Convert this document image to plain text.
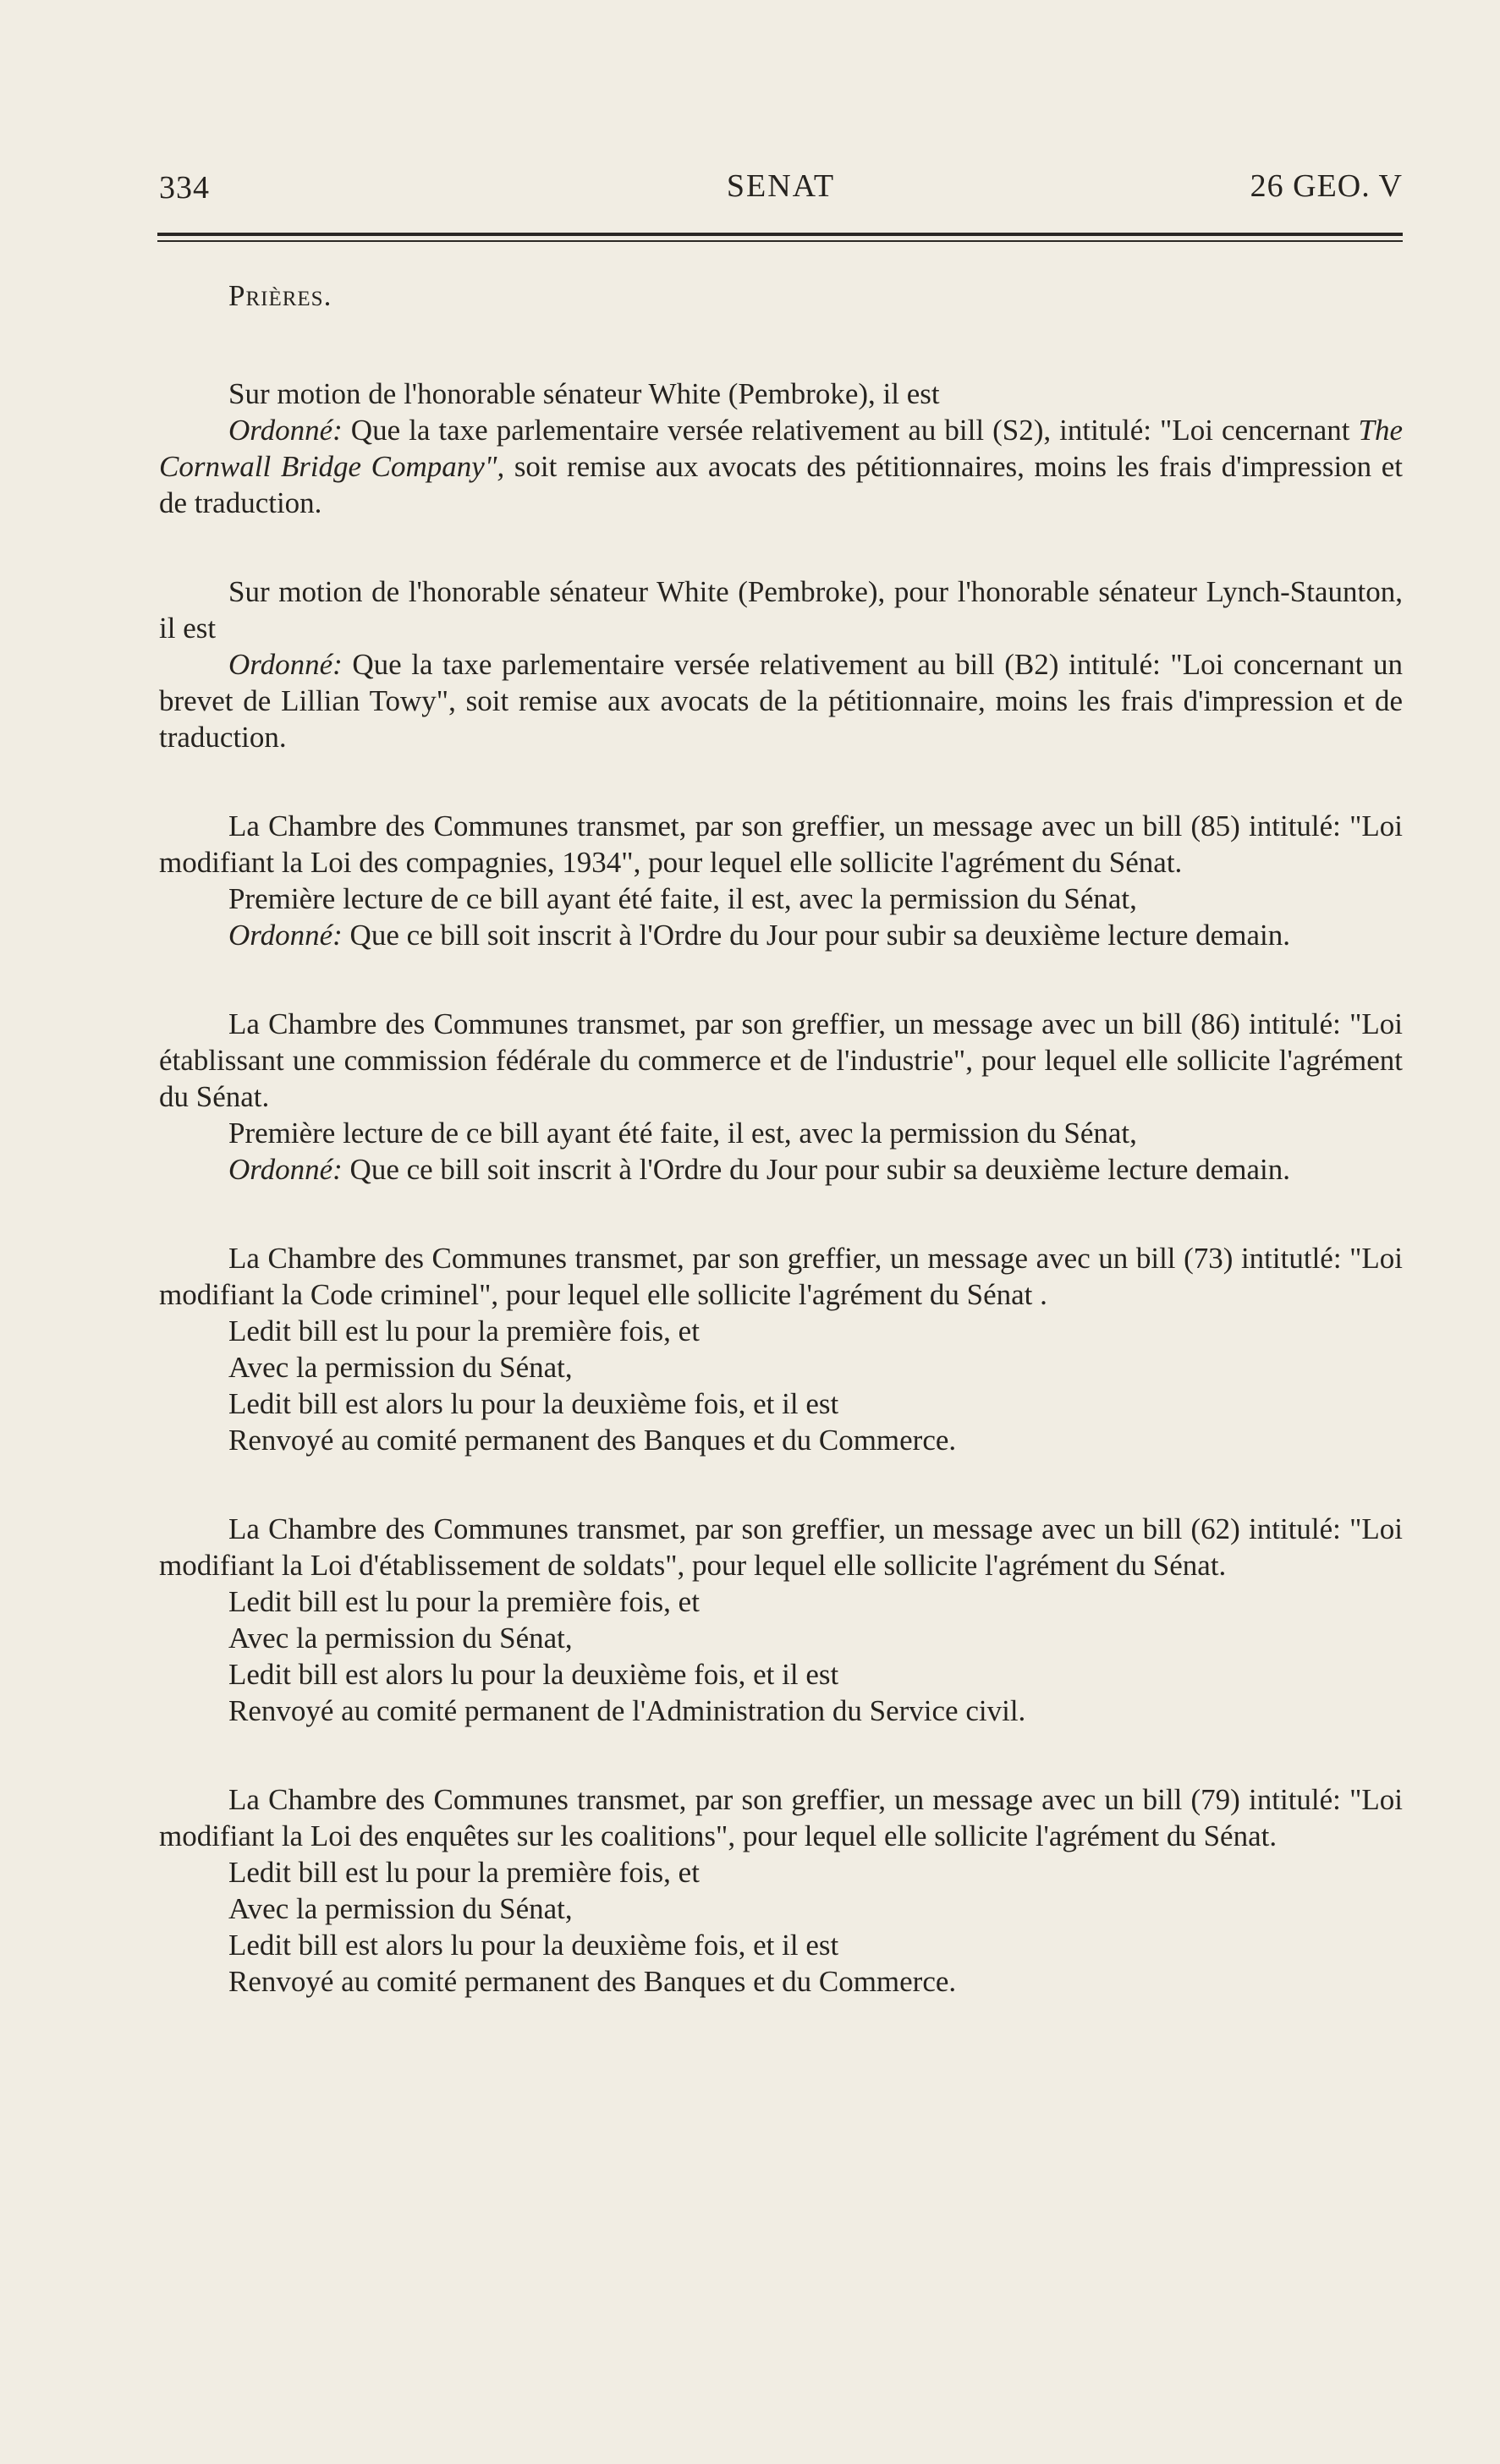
334	SENAT	26 GEO. V
Prières.

Sur motion de l'honorable sénateur White (Pembroke), il est

Ordonné: Que la taxe parlementaire versée relativement au bill (S2), intitulé: "Loi cencernant The Cornwall Bridge Company", soit remise aux avocats des pétitionnaires, moins les frais d'impression et de traduction.

Sur motion de l'honorable sénateur White (Pembroke), pour l'honorable sénateur Lynch-Staunton, il est

Ordonné: Que la taxe parlementaire versée relativement au bill (B2) intitulé: "Loi concernant un brevet de Lillian Towy", soit remise aux avocats de la pétitionnaire, moins les frais d'impression et de traduction.

La Chambre des Communes transmet, par son greffier, un message avec un bill (85) intitulé: "Loi modifiant la Loi des compagnies, 1934", pour lequel elle sollicite l'agrément du Sénat.

Première lecture de ce bill ayant été faite, il est, avec la permission du Sénat,

Ordonné: Que ce bill soit inscrit à l'Ordre du Jour pour subir sa deuxième lecture demain.

La Chambre des Communes transmet, par son greffier, un message avec un bill (86) intitulé: "Loi établissant une commission fédérale du commerce et de l'industrie", pour lequel elle sollicite l'agrément du Sénat.

Première lecture de ce bill ayant été faite, il est, avec la permission du Sénat,

Ordonné: Que ce bill soit inscrit à l'Ordre du Jour pour subir sa deuxième lecture demain.

La Chambre des Communes transmet, par son greffier, un message avec un bill (73) intitutlé: "Loi modifiant la Code criminel", pour lequel elle sollicite l'agrément du Sénat .

Ledit bill est lu pour la première fois, et

Avec la permission du Sénat,

Ledit bill est alors lu pour la deuxième fois, et il est

Renvoyé au comité permanent des Banques et du Commerce.

La Chambre des Communes transmet, par son greffier, un message avec un bill (62) intitulé: "Loi modifiant la Loi d'établissement de soldats", pour lequel elle sollicite l'agrément du Sénat.

Ledit bill est lu pour la première fois, et

Avec la permission du Sénat,

Ledit bill est alors lu pour la deuxième fois, et il est

Renvoyé au comité permanent de l'Administration du Service civil.

La Chambre des Communes transmet, par son greffier, un message avec un bill (79) intitulé: "Loi modifiant la Loi des enquêtes sur les coalitions", pour lequel elle sollicite l'agrément du Sénat.

Ledit bill est lu pour la première fois, et

Avec la permission du Sénat,

Ledit bill est alors lu pour la deuxième fois, et il est

Renvoyé au comité permanent des Banques et du Commerce.
